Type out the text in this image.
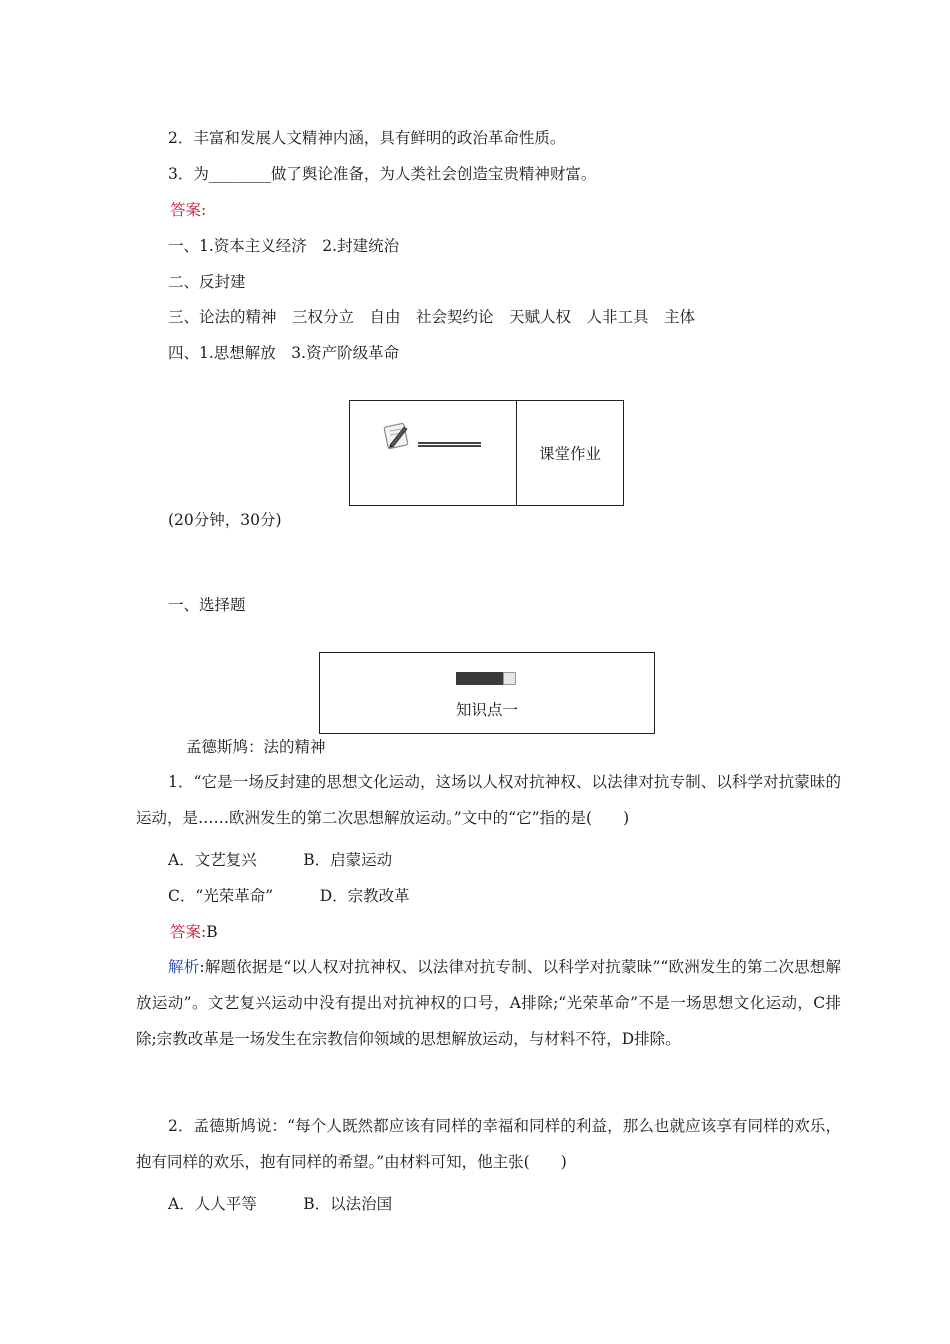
2．丰富和发展人文精神内涵，具有鲜明的政治革命性质。
3．为________做了舆论准备，为人类社会创造宝贵精神财富。
答案:
一、1.资本主义经济　2.封建统治
二、反封建
三、论法的精神　三权分立　自由　社会契约论　天赋人权　人非工具　主体
四、1.思想解放　3.资产阶级革命
课堂作业
(20分钟，30分)
一、选择题
知识点一
孟德斯鸠：法的精神

1．“它是一场反封建的思想文化运动，这场以人权对抗神权、以法律对抗专制、以科学对抗蒙昧的运动，是……欧洲发生的第二次思想解放运动。”文中的“它”指的是(　　)

A．文艺复兴　　　B．启蒙运动
C．“光荣革命”　　　D．宗教改革
答案:B

解析:解题依据是“以人权对抗神权、以法律对抗专制、以科学对抗蒙昧”“欧洲发生的第二次思想解放运动”。文艺复兴运动中没有提出对抗神权的口号，A排除;“光荣革命”不是一场思想文化运动，C排除;宗教改革是一场发生在宗教信仰领域的思想解放运动，与材料不符，D排除。

2．孟德斯鸠说：“每个人既然都应该有同样的幸福和同样的利益，那么也就应该享有同样的欢乐，抱有同样的欢乐，抱有同样的希望。”由材料可知，他主张(　　)

A．人人平等　　　B．以法治国
